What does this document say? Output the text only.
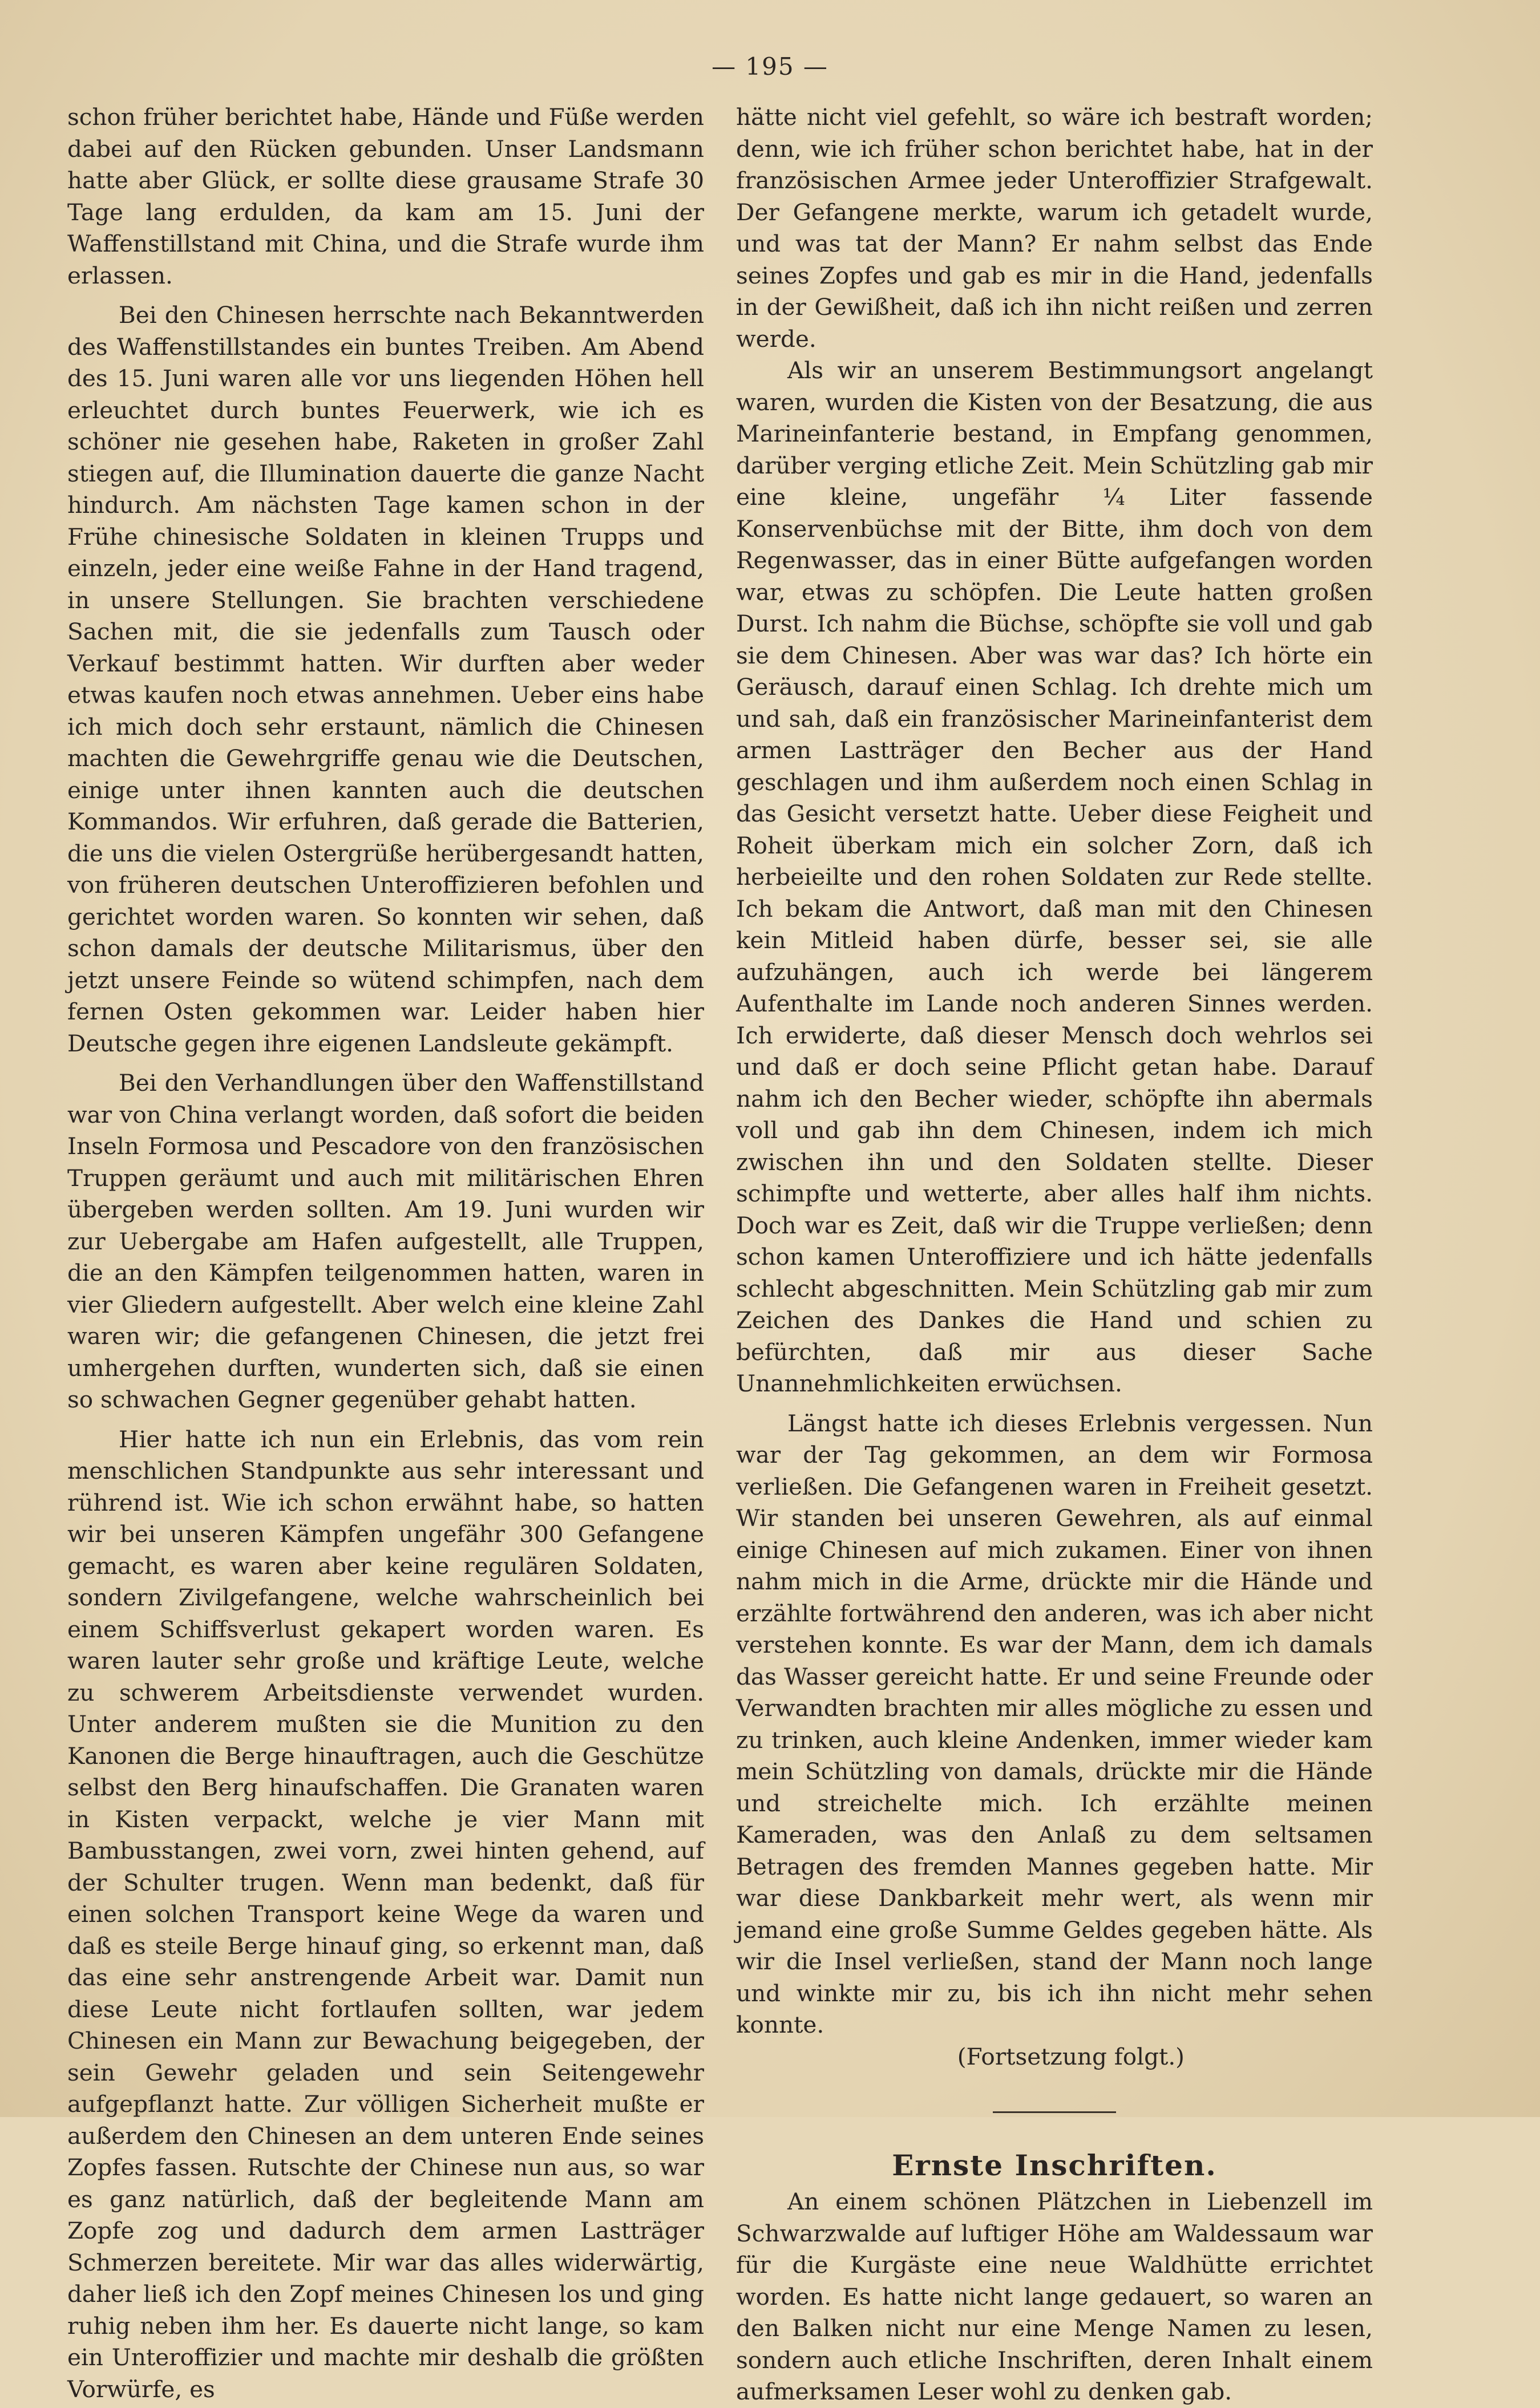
— 195 —

schon früher berichtet habe, Hände und Füße werden dabei auf den Rücken gebunden. Unser Landsmann hatte aber Glück, er sollte diese grausame Strafe 30 Tage lang erdulden, da kam am 15. Juni der Waffenstillstand mit China, und die Strafe wurde ihm erlassen.

Bei den Chinesen herrschte nach Bekanntwerden des Waffenstillstandes ein buntes Treiben. Am Abend des 15. Juni waren alle vor uns liegenden Höhen hell erleuchtet durch buntes Feuerwerk, wie ich es schöner nie gesehen habe, Raketen in großer Zahl stiegen auf, die Illumination dauerte die ganze Nacht hindurch. Am nächsten Tage kamen schon in der Frühe chinesische Soldaten in kleinen Trupps und einzeln, jeder eine weiße Fahne in der Hand tragend, in unsere Stellungen. Sie brachten verschiedene Sachen mit, die sie jedenfalls zum Tausch oder Verkauf bestimmt hatten. Wir durften aber weder etwas kaufen noch etwas annehmen. Ueber eins habe ich mich doch sehr erstaunt, nämlich die Chinesen machten die Gewehrgriffe genau wie die Deutschen, einige unter ihnen kannten auch die deutschen Kommandos. Wir erfuhren, daß gerade die Batterien, die uns die vielen Ostergrüße herübergesandt hatten, von früheren deutschen Unteroffizieren befohlen und gerichtet worden waren. So konnten wir sehen, daß schon damals der deutsche Militarismus, über den jetzt unsere Feinde so wütend schimpfen, nach dem fernen Osten gekommen war. Leider haben hier Deutsche gegen ihre eigenen Landsleute gekämpft.

Bei den Verhandlungen über den Waffenstillstand war von China verlangt worden, daß sofort die beiden Inseln Formosa und Pescadore von den französischen Truppen geräumt und auch mit militärischen Ehren übergeben werden sollten. Am 19. Juni wurden wir zur Uebergabe am Hafen aufgestellt, alle Truppen, die an den Kämpfen teilgenommen hatten, waren in vier Gliedern aufgestellt. Aber welch eine kleine Zahl waren wir; die gefangenen Chinesen, die jetzt frei umhergehen durften, wunderten sich, daß sie einen so schwachen Gegner gegenüber gehabt hatten.

Hier hatte ich nun ein Erlebnis, das vom rein menschlichen Standpunkte aus sehr interessant und rührend ist. Wie ich schon erwähnt habe, so hatten wir bei unseren Kämpfen ungefähr 300 Gefangene gemacht, es waren aber keine regulären Soldaten, sondern Zivilgefangene, welche wahrscheinlich bei einem Schiffsverlust gekapert worden waren. Es waren lauter sehr große und kräftige Leute, welche zu schwerem Arbeitsdienste verwendet wurden. Unter anderem mußten sie die Munition zu den Kanonen die Berge hinauftragen, auch die Geschütze selbst den Berg hinaufschaffen. Die Granaten waren in Kisten verpackt, welche je vier Mann mit Bambusstangen, zwei vorn, zwei hinten gehend, auf der Schulter trugen. Wenn man bedenkt, daß für einen solchen Transport keine Wege da waren und daß es steile Berge hinauf ging, so erkennt man, daß das eine sehr anstrengende Arbeit war. Damit nun diese Leute nicht fortlaufen sollten, war jedem Chinesen ein Mann zur Bewachung beigegeben, der sein Gewehr geladen und sein Seitengewehr aufgepflanzt hatte. Zur völligen Sicherheit mußte er außerdem den Chinesen an dem unteren Ende seines Zopfes fassen. Rutschte der Chinese nun aus, so war es ganz natürlich, daß der begleitende Mann am Zopfe zog und dadurch dem armen Lastträger Schmerzen bereitete. Mir war das alles widerwärtig, daher ließ ich den Zopf meines Chinesen los und ging ruhig neben ihm her. Es dauerte nicht lange, so kam ein Unteroffizier und machte mir deshalb die größten Vorwürfe, es

hätte nicht viel gefehlt, so wäre ich bestraft worden; denn, wie ich früher schon berichtet habe, hat in der französischen Armee jeder Unteroffizier Strafgewalt. Der Gefangene merkte, warum ich getadelt wurde, und was tat der Mann? Er nahm selbst das Ende seines Zopfes und gab es mir in die Hand, jedenfalls in der Gewißheit, daß ich ihn nicht reißen und zerren werde.

Als wir an unserem Bestimmungsort angelangt waren, wurden die Kisten von der Besatzung, die aus Marineinfanterie bestand, in Empfang genommen, darüber verging etliche Zeit. Mein Schützling gab mir eine kleine, ungefähr ¼ Liter fassende Konservenbüchse mit der Bitte, ihm doch von dem Regenwasser, das in einer Bütte aufgefangen worden war, etwas zu schöpfen. Die Leute hatten großen Durst. Ich nahm die Büchse, schöpfte sie voll und gab sie dem Chinesen. Aber was war das? Ich hörte ein Geräusch, darauf einen Schlag. Ich drehte mich um und sah, daß ein französischer Marineinfanterist dem armen Lastträger den Becher aus der Hand geschlagen und ihm außerdem noch einen Schlag in das Gesicht versetzt hatte. Ueber diese Feigheit und Roheit überkam mich ein solcher Zorn, daß ich herbeieilte und den rohen Soldaten zur Rede stellte. Ich bekam die Antwort, daß man mit den Chinesen kein Mitleid haben dürfe, besser sei, sie alle aufzuhängen, auch ich werde bei längerem Aufenthalte im Lande noch anderen Sinnes werden. Ich erwiderte, daß dieser Mensch doch wehrlos sei und daß er doch seine Pflicht getan habe. Darauf nahm ich den Becher wieder, schöpfte ihn abermals voll und gab ihn dem Chinesen, indem ich mich zwischen ihn und den Soldaten stellte. Dieser schimpfte und wetterte, aber alles half ihm nichts. Doch war es Zeit, daß wir die Truppe verließen; denn schon kamen Unteroffiziere und ich hätte jedenfalls schlecht abgeschnitten. Mein Schützling gab mir zum Zeichen des Dankes die Hand und schien zu befürchten, daß mir aus dieser Sache Unannehmlichkeiten erwüchsen.

Längst hatte ich dieses Erlebnis vergessen. Nun war der Tag gekommen, an dem wir Formosa verließen. Die Gefangenen waren in Freiheit gesetzt. Wir standen bei unseren Gewehren, als auf einmal einige Chinesen auf mich zukamen. Einer von ihnen nahm mich in die Arme, drückte mir die Hände und erzählte fortwährend den anderen, was ich aber nicht verstehen konnte. Es war der Mann, dem ich damals das Wasser gereicht hatte. Er und seine Freunde oder Verwandten brachten mir alles mögliche zu essen und zu trinken, auch kleine Andenken, immer wieder kam mein Schützling von damals, drückte mir die Hände und streichelte mich. Ich erzählte meinen Kameraden, was den Anlaß zu dem seltsamen Betragen des fremden Mannes gegeben hatte. Mir war diese Dankbarkeit mehr wert, als wenn mir jemand eine große Summe Geldes gegeben hätte. Als wir die Insel verließen, stand der Mann noch lange und winkte mir zu, bis ich ihn nicht mehr sehen konnte.

(Fortsetzung folgt.)

Ernste Inschriften.

An einem schönen Plätzchen in Liebenzell im Schwarzwalde auf luftiger Höhe am Waldessaum war für die Kurgäste eine neue Waldhütte errichtet worden. Es hatte nicht lange gedauert, so waren an den Balken nicht nur eine Menge Namen zu lesen, sondern auch etliche Inschriften, deren Inhalt einem aufmerksamen Leser wohl zu denken gab.
